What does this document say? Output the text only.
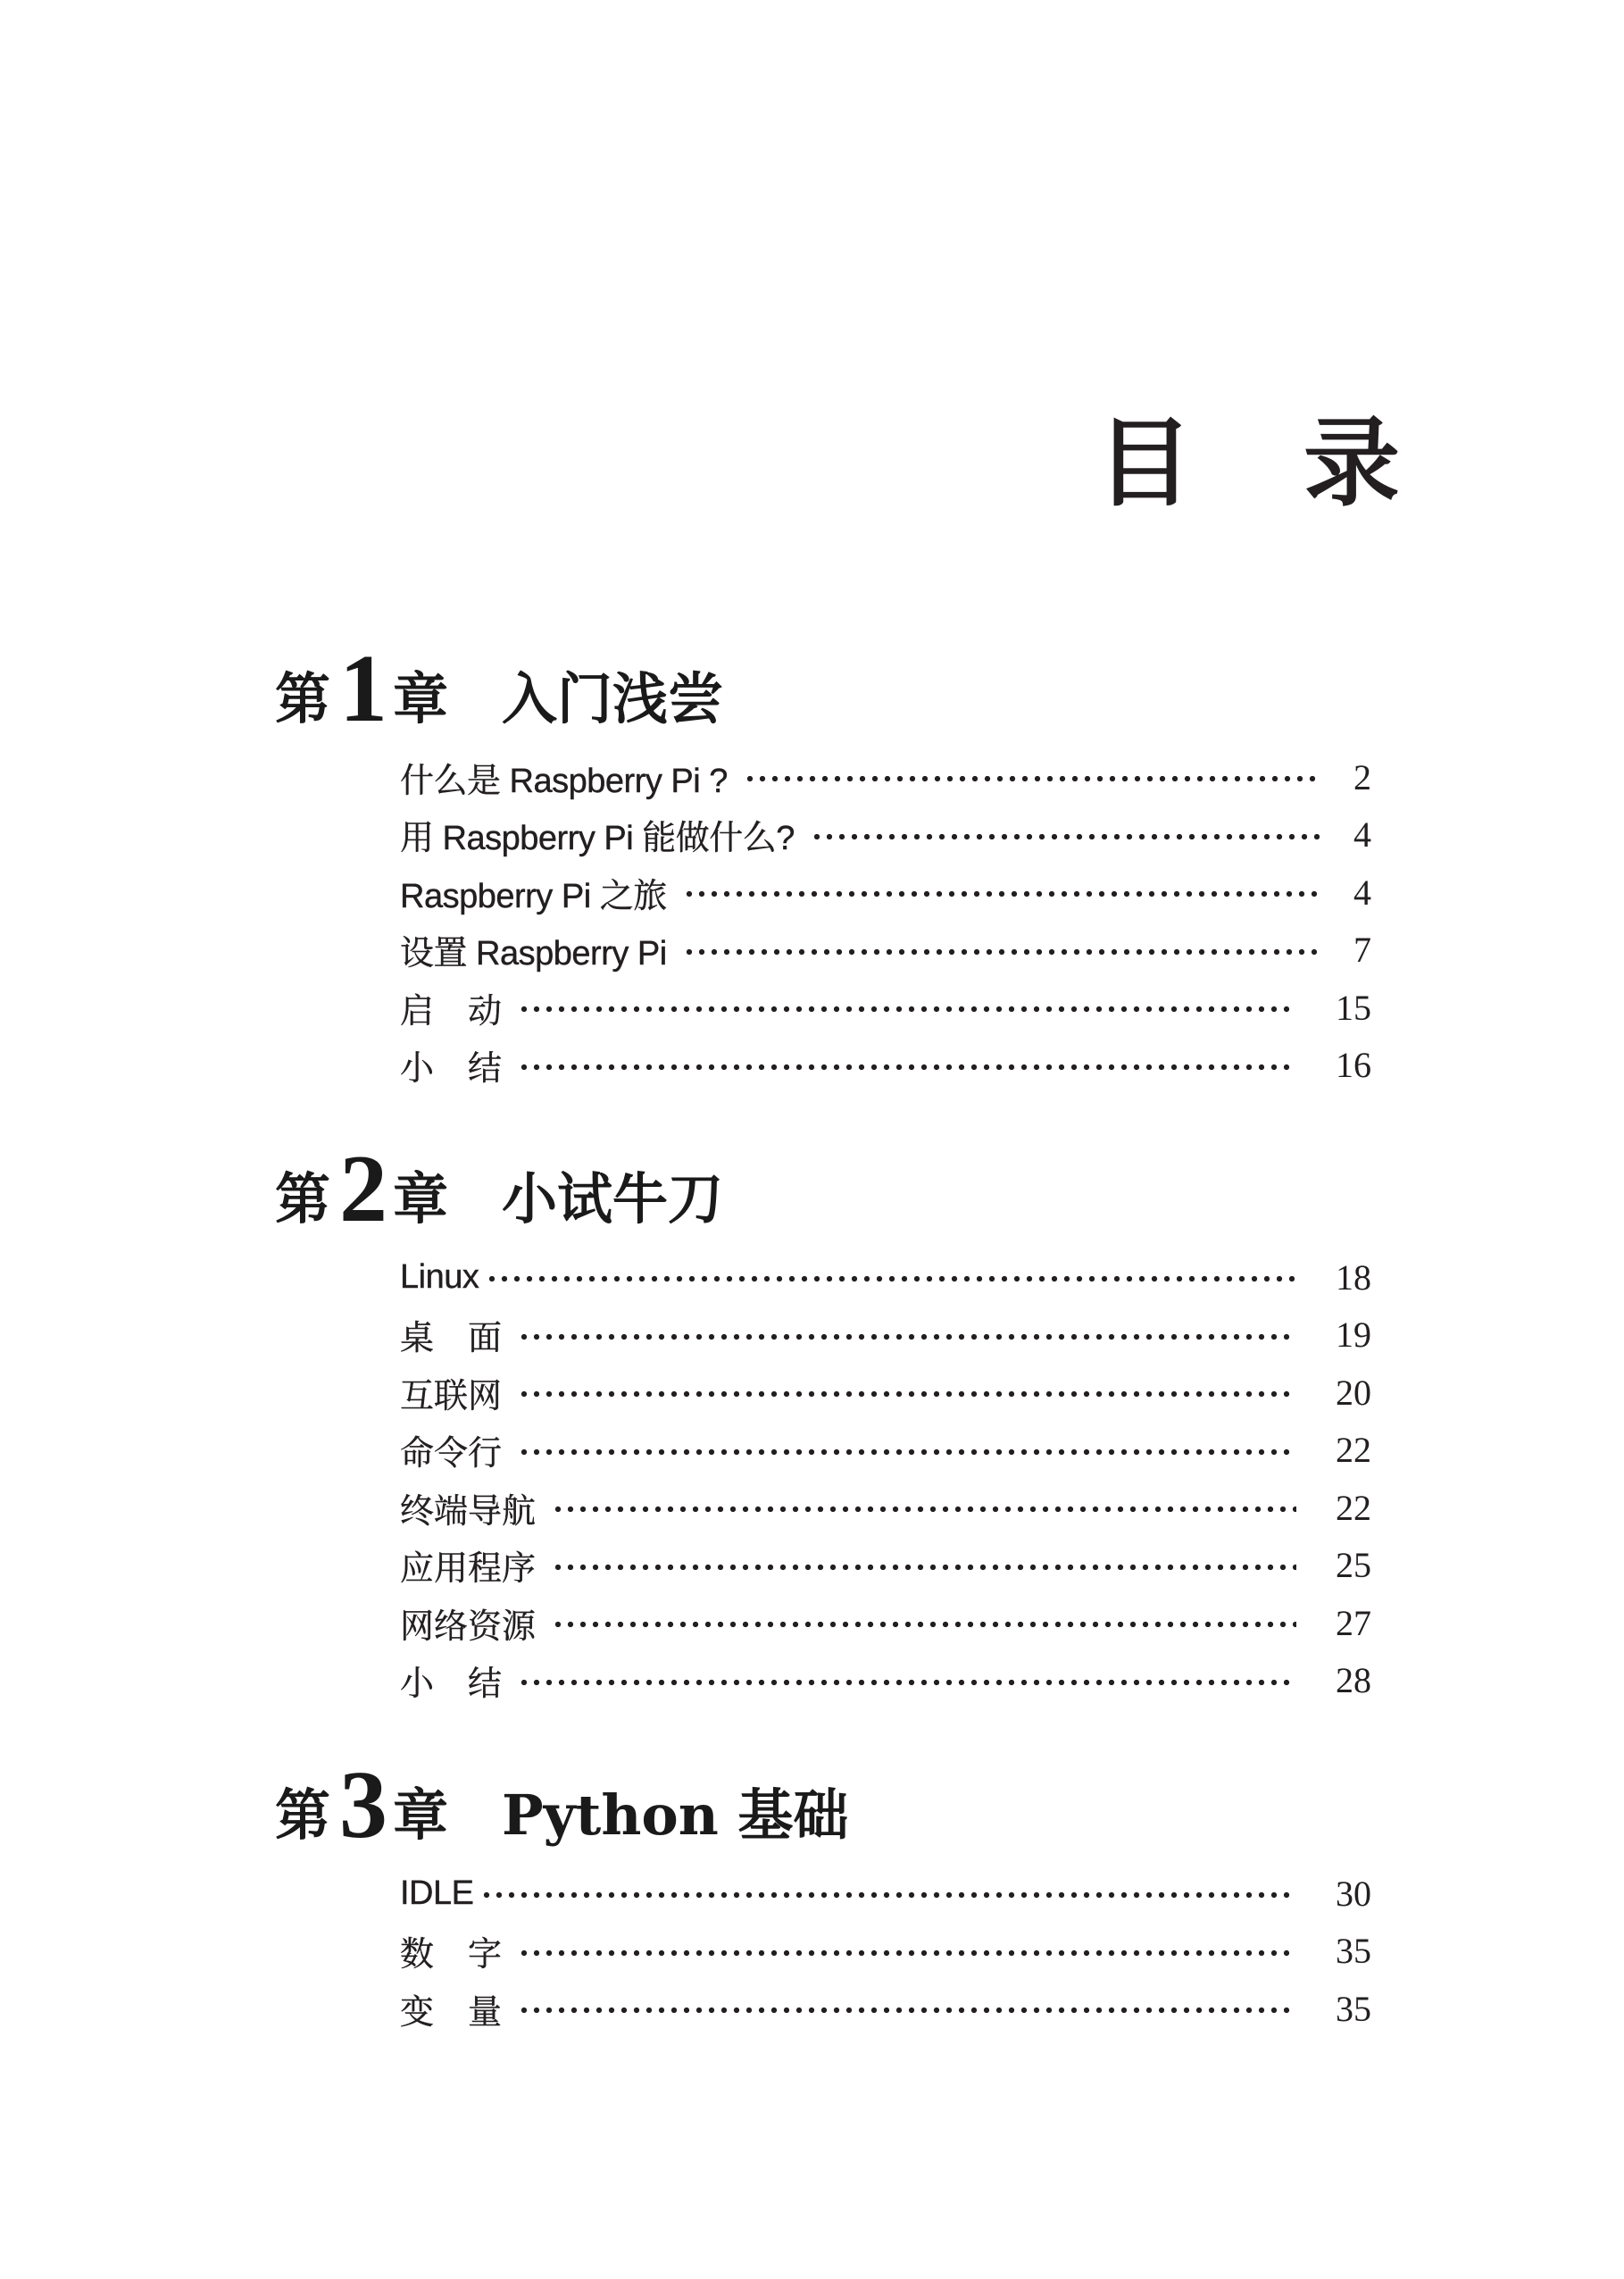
目 录
第 1 章 入门浅尝
什么是 Raspberry Pi ?	2
用 Raspberry Pi 能做什么?	4
Raspberry Pi 之旅	4
设置 Raspberry Pi	7
启　动	15
小　结	16
第 2 章 小试牛刀
Linux	18
桌　面	19
互联网	20
命令行	22
终端导航	22
应用程序	25
网络资源	27
小　结	28
第 3 章 Python 基础
IDLE	30
数　字	35
变　量	35
